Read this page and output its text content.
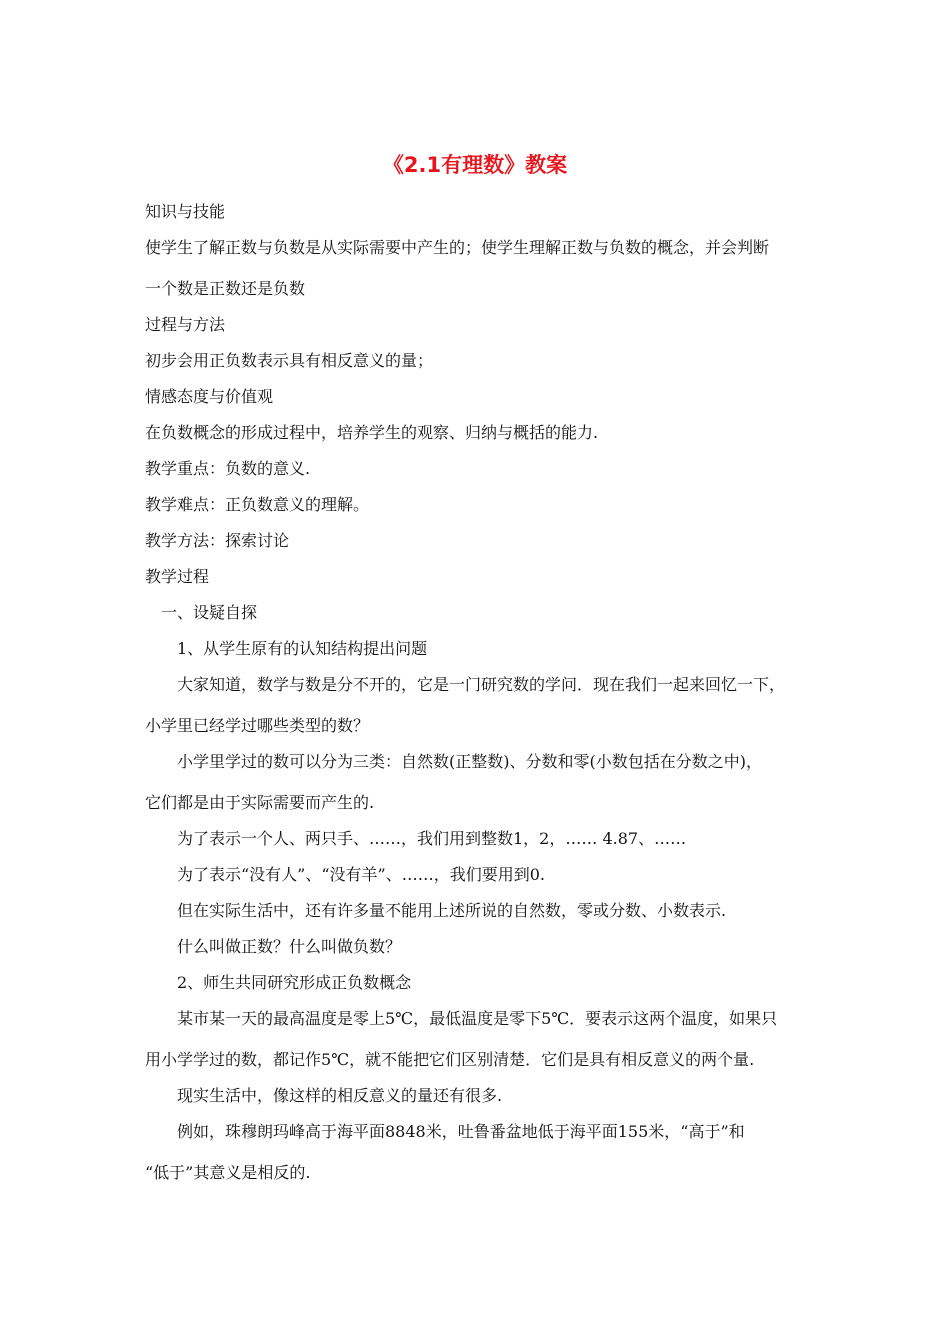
《2.1有理数》教案
知识与技能
使学生了解正数与负数是从实际需要中产生的；使学生理解正数与负数的概念，并会判断
一个数是正数还是负数
过程与方法
初步会用正负数表示具有相反意义的量；
情感态度与价值观
在负数概念的形成过程中，培养学生的观察、归纳与概括的能力.
教学重点：负数的意义.
教学难点：正负数意义的理解。
教学方法：探索讨论
教学过程
一、设疑自探
1、从学生原有的认知结构提出问题
大家知道，数学与数是分不开的，它是一门研究数的学问．现在我们一起来回忆一下，
小学里已经学过哪些类型的数？
小学里学过的数可以分为三类：自然数(正整数)、分数和零(小数包括在分数之中)，
它们都是由于实际需要而产生的.
为了表示一个人、两只手、……，我们用到整数1，2，…… 4.87、……
为了表示“没有人”、“没有羊”、……，我们要用到0.
但在实际生活中，还有许多量不能用上述所说的自然数，零或分数、小数表示.
什么叫做正数？什么叫做负数？
2、师生共同研究形成正负数概念
某市某一天的最高温度是零上5℃，最低温度是零下5℃．要表示这两个温度，如果只
用小学学过的数，都记作5℃，就不能把它们区别清楚．它们是具有相反意义的两个量.
现实生活中，像这样的相反意义的量还有很多.
例如，珠穆朗玛峰高于海平面8848米，吐鲁番盆地低于海平面155米，“高于”和
“低于”其意义是相反的.
